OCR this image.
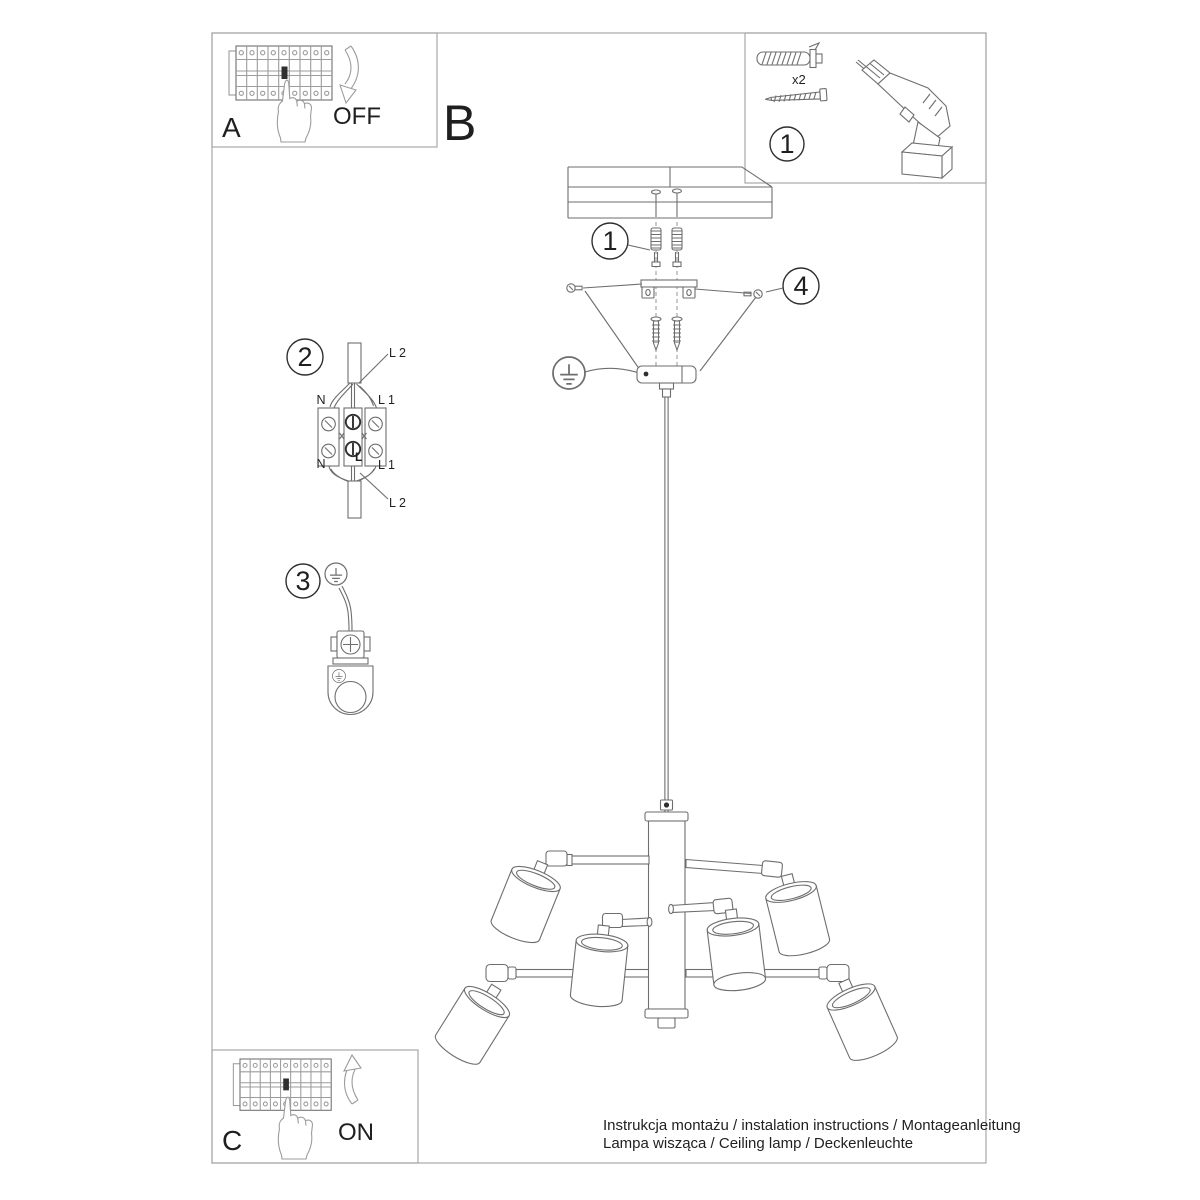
A	OFF B
x2
1
1
4
2	L 2
N	L 1
N	L 1
L 2
L
3
C	ON	Instrukcja montażu / instalation instructions / Montageanleitung
Lampa wisząca / Ceiling lamp / Deckenleuchte
